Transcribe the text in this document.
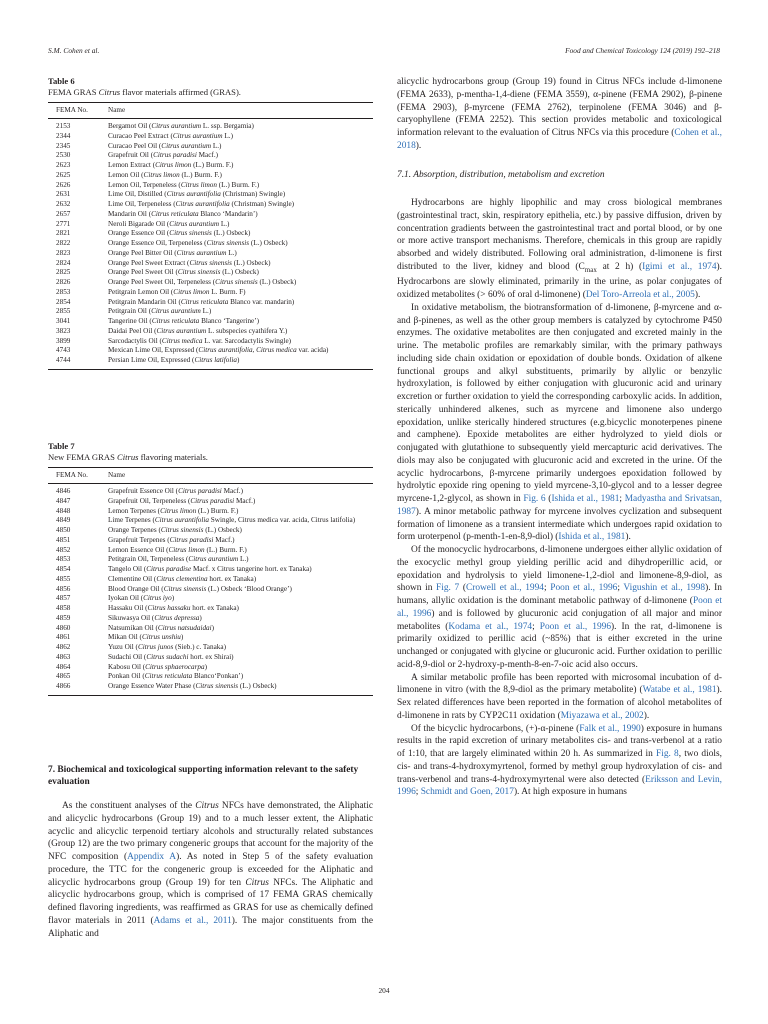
S.M. Cohen et al.	Food and Chemical Toxicology 124 (2019) 192–218
Table 6
FEMA GRAS Citrus flavor materials affirmed (GRAS).
FEMA No.	Name
2153	Bergamot Oil (Citrus aurantium L. ssp. Bergamia)
2344	Curacao Peel Extract (Citrus aurantium L.)
2345	Curacao Peel Oil (Citrus aurantium L.)
2530	Grapefruit Oil (Citrus paradisi Macf.)
2623	Lemon Extract (Citrus limon (L.) Burm. F.)
2625	Lemon Oil (Citrus limon (L.) Burm. F.)
2626	Lemon Oil, Terpeneless (Citrus limon (L.) Burm. F.)
2631	Lime Oil, Distilled (Citrus aurantifolia (Christman) Swingle)
2632	Lime Oil, Terpeneless (Citrus aurantifolia (Christman) Swingle)
2657	Mandarin Oil (Citrus reticulata Blanco ‘Mandarin’)
2771	Neroli Bigarade Oil (Citrus aurantium L.)
2821	Orange Essence Oil (Citrus sinensis (L.) Osbeck)
2822	Orange Essence Oil, Terpeneless (Citrus sinensis (L.) Osbeck)
2823	Orange Peel Bitter Oil (Citrus aurantium L.)
2824	Orange Peel Sweet Extract (Citrus sinensis (L.) Osbeck)
2825	Orange Peel Sweet Oil (Citrus sinensis (L.) Osbeck)
2826	Orange Peel Sweet Oil, Terpeneless (Citrus sinensis (L.) Osbeck)
2853	Petitgrain Lemon Oil (Citrus limon L. Burm. F)
2854	Petitgrain Mandarin Oil (Citrus reticulata Blanco var. mandarin)
2855	Petitgrain Oil (Citrus aurantium L.)
3041	Tangerine Oil (Citrus reticulata Blanco ‘Tangerine’)
3823	Daidai Peel Oil (Citrus aurantium L. subspecies cyathifera Y.)
3899	Sarcodactylis Oil (Citrus medica L. var. Sarcodactylis Swingle)
4743	Mexican Lime Oil, Expressed (Citrus aurantifolia, Citrus medica var. acida)
4744	Persian Lime Oil, Expressed (Citrus latifolia)
Table 7
New FEMA GRAS Citrus flavoring materials.
FEMA No.	Name
4846	Grapefruit Essence Oil (Citrus paradisi Macf.)
4847	Grapefruit Oil, Terpeneless (Citrus paradisi Macf.)
4848	Lemon Terpenes (Citrus limon (L.) Burm. F.)
4849	Lime Terpenes (Citrus aurantifolia Swingle, Citrus medica var. acida, Citrus latifolia)
4850	Orange Terpenes (Citrus sinensis (L.) Osbeck)
4851	Grapefruit Terpenes (Citrus paradisi Macf.)
4852	Lemon Essence Oil (Citrus limon (L.) Burm. F.)
4853	Petitgrain Oil, Terpeneless (Citrus aurantium L.)
4854	Tangelo Oil (Citrus paradise Macf. x Citrus tangerine hort. ex Tanaka)
4855	Clementine Oil (Citrus clementina hort. ex Tanaka)
4856	Blood Orange Oil (Citrus sinensis (L.) Osbeck ‘Blood Orange’)
4857	Iyokan Oil (Citrus iyo)
4858	Hassaku Oil (Citrus hassaku hort. ex Tanaka)
4859	Sikuwasya Oil (Citrus depressa)
4860	Natsumikan Oil (Citrus natsudaidai)
4861	Mikan Oil (Citrus unshiu)
4862	Yuzu Oil (Citrus junos (Sieb.) c. Tanaka)
4863	Sudachi Oil (Citrus sudachi hort. ex Shirai)
4864	Kabosu Oil (Citrus sphaerocarpa)
4865	Ponkan Oil (Citrus reticulata Blanco‘Ponkan’)
4866	Orange Essence Water Phase (Citrus sinensis (L.) Osbeck)
7. Biochemical and toxicological supporting information relevant to the safety evaluation

As the constituent analyses of the Citrus NFCs have demonstrated, the Aliphatic and alicyclic hydrocarbons (Group 19) and to a much lesser extent, the Aliphatic acyclic and alicyclic terpenoid tertiary alcohols and structurally related substances (Group 12) are the two primary congeneric groups that account for the majority of the NFC composition (Appendix A). As noted in Step 5 of the safety evaluation procedure, the TTC for the congeneric group is exceeded for the Aliphatic and alicyclic hydrocarbons group (Group 19) for ten Citrus NFCs. The Aliphatic and alicyclic hydrocarbons group, which is comprised of 17 FEMA GRAS chemically defined flavoring ingredients, was reaffirmed as GRAS for use as chemically defined flavor materials in 2011 (Adams et al., 2011). The major constituents from the Aliphatic and

alicyclic hydrocarbons group (Group 19) found in Citrus NFCs include d-limonene (FEMA 2633), p-mentha-1,4-diene (FEMA 3559), α-pinene (FEMA 2902), β-pinene (FEMA 2903), β-myrcene (FEMA 2762), terpinolene (FEMA 3046) and β-caryophyllene (FEMA 2252). This section provides metabolic and toxicological information relevant to the evaluation of Citrus NFCs via this procedure (Cohen et al., 2018).

7.1. Absorption, distribution, metabolism and excretion

Hydrocarbons are highly lipophilic and may cross biological membranes (gastrointestinal tract, skin, respiratory epithelia, etc.) by passive diffusion, driven by concentration gradients between the gastrointestinal tract and portal blood, or by one or more active transport mechanisms. Therefore, chemicals in this group are rapidly absorbed and widely distributed. Following oral administration, d-limonene is first distributed to the liver, kidney and blood ($C_{max}$ at 2 h) (Igimi et al., 1974). Hydrocarbons are slowly eliminated, primarily in the urine, as polar conjugates of oxidized metabolites (> 60% of oral d-limonene) (Del Toro-Arreola et al., 2005).

In oxidative metabolism, the biotransformation of d-limonene, β-myrcene and α- and β-pinenes, as well as the other group members is catalyzed by cytochrome P450 enzymes. The oxidative metabolites are then conjugated and excreted mainly in the urine. The metabolic profiles are remarkably similar, with the primary pathways including side chain oxidation or epoxidation of double bonds. Oxidation of alkene functional groups and alkyl substituents, primarily by allylic or benzylic hydroxylation, is followed by either conjugation with glucuronic acid and urinary excretion or further oxidation to yield the corresponding carboxylic acids. In addition, sterically unhindered alkenes, such as myrcene and limonene also undergo epoxidation, unlike sterically hindered structures (e.g.bicyclic monoterpenes pinene and camphene). Epoxide metabolites are either hydrolyzed to yield diols or conjugated with glutathione to subsequently yield mercapturic acid derivatives. The diols may also be conjugated with glucuronic acid and excreted in the urine. Of the acyclic hydrocarbons, β-myrcene primarily undergoes epoxidation followed by hydrolytic epoxide ring opening to yield myrcene-3,10-glycol and to a lesser degree myrcene-1,2-glycol, as shown in Fig. 6 (Ishida et al., 1981; Madyastha and Srivatsan, 1987). A minor metabolic pathway for myrcene involves cyclization and subsequent formation of limonene as a transient intermediate which undergoes rapid oxidation to form uroterpenol (p-menth-1-en-8,9-diol) (Ishida et al., 1981).

Of the monocyclic hydrocarbons, d-limonene undergoes either allylic oxidation of the exocyclic methyl group yielding perillic acid and dihydroperillic acid, or epoxidation and hydrolysis to yield limonene-1,2-diol and limonene-8,9-diol, as shown in Fig. 7 (Crowell et al., 1994; Poon et al., 1996; Vigushin et al., 1998). In humans, allylic oxidation is the dominant metabolic pathway of d-limonene (Poon et al., 1996) and is followed by glucuronic acid conjugation of all major and minor metabolites (Kodama et al., 1974; Poon et al., 1996). In the rat, d-limonene is primarily oxidized to perillic acid (~85%) that is either excreted in the urine unchanged or conjugated with glycine or glucuronic acid. Further oxidation to perillic acid-8,9-diol or 2-hydroxy-p-menth-8-en-7-oic acid also occurs.

A similar metabolic profile has been reported with microsomal incubation of d-limonene in vitro (with the 8,9-diol as the primary metabolite) (Watabe et al., 1981). Sex related differences have been reported in the formation of alcohol metabolites of d-limonene in rats by CYP2C11 oxidation (Miyazawa et al., 2002).

Of the bicyclic hydrocarbons, (+)-α-pinene (Falk et al., 1990) exposure in humans results in the rapid excretion of urinary metabolites cis- and trans-verbenol at a ratio of 1:10, that are largely eliminated within 20 h. As summarized in Fig. 8, two diols, cis- and trans-4-hydroxymyrtenol, formed by methyl group hydroxylation of cis- and trans-verbenol and trans-4-hydroxymyrtenal were also detected (Eriksson and Levin, 1996; Schmidt and Goen, 2017). At high exposure in humans

204
